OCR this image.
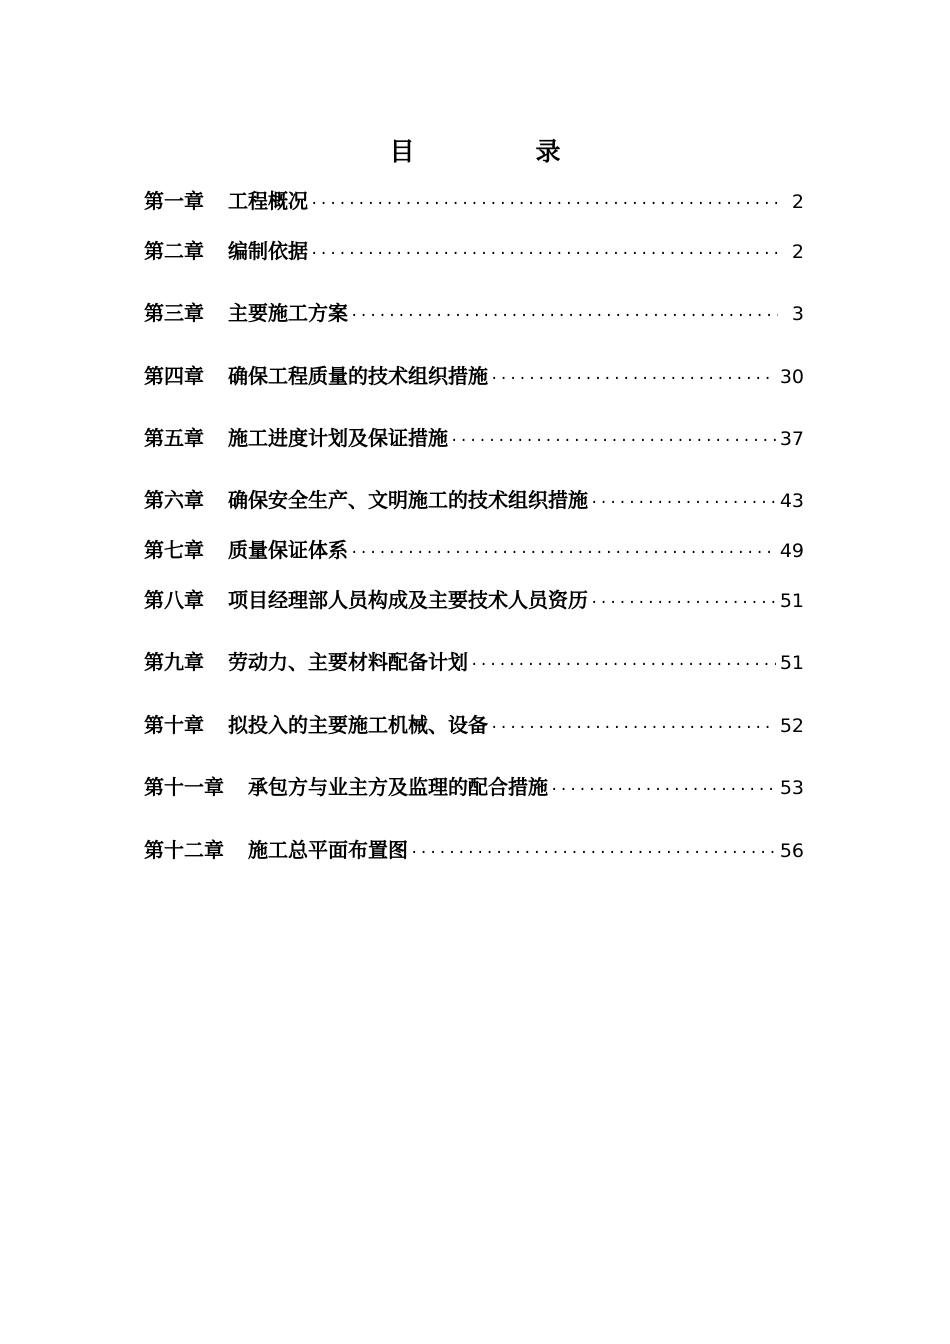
目　录
第一章 工程概况 ·····	2
第二章 编制依据 ·····	2
第三章 主要施工方案 ·····	3
第四章 确保工程质量的技术组织措施 ·····	30
第五章 施工进度计划及保证措施 ·····	37
第六章 确保安全生产、文明施工的技术组织措施 ·····	43
第七章 质量保证体系 ·····	49
第八章 项目经理部人员构成及主要技术人员资历 ·····	51
第九章 劳动力、主要材料配备计划 ·····	51
第十章 拟投入的主要施工机械、设备 ·····	52
第十一章 承包方与业主方及监理的配合措施 ·····	53
第十二章 施工总平面布置图 ·····	56
